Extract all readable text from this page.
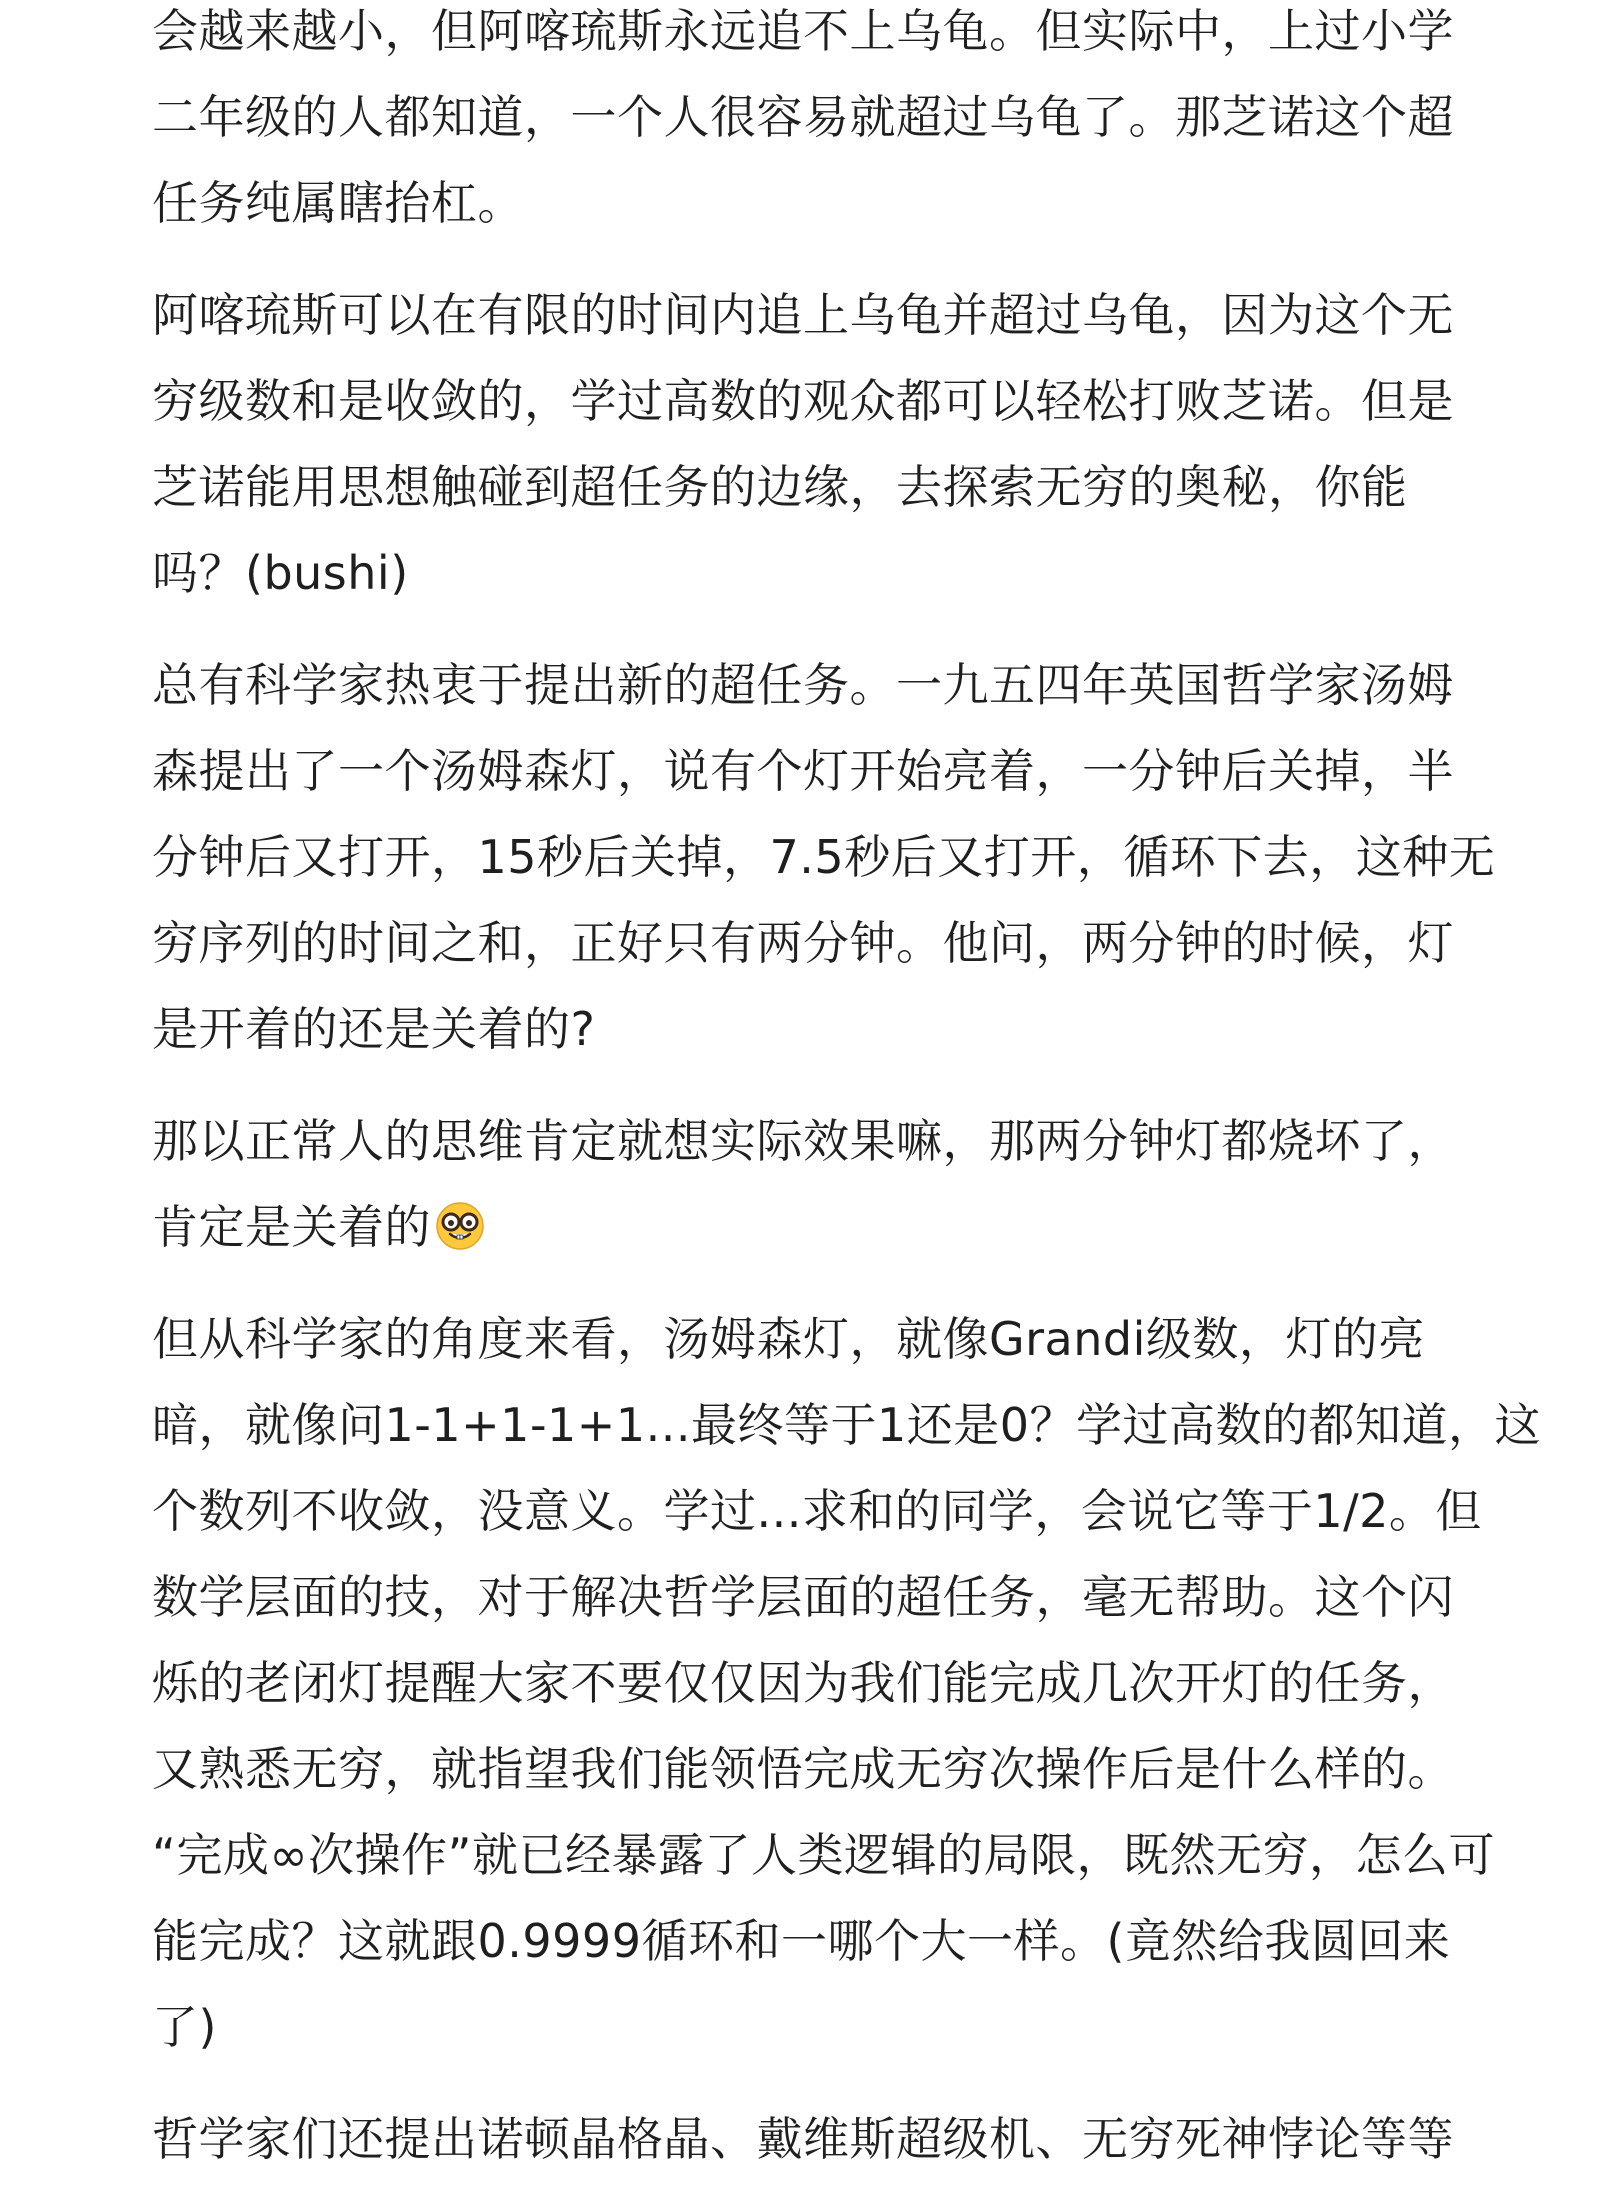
会越来越小，但阿喀琉斯永远追不上乌龟。但实际中，上过小学
二年级的人都知道，一个人很容易就超过乌龟了。那芝诺这个超
任务纯属瞎抬杠。

阿喀琉斯可以在有限的时间内追上乌龟并超过乌龟，因为这个无
穷级数和是收敛的，学过高数的观众都可以轻松打败芝诺。但是
芝诺能用思想触碰到超任务的边缘，去探索无穷的奥秘，你能
吗？(bushi)

总有科学家热衷于提出新的超任务。一九五四年英国哲学家汤姆
森提出了一个汤姆森灯，说有个灯开始亮着，一分钟后关掉，半
分钟后又打开，15秒后关掉，7.5秒后又打开，循环下去，这种无
穷序列的时间之和，正好只有两分钟。他问，两分钟的时候，灯
是开着的还是关着的?

那以正常人的思维肯定就想实际效果嘛，那两分钟灯都烧坏了，
肯定是关着的

但从科学家的角度来看，汤姆森灯，就像Grandi级数，灯的亮
暗，就像问1-1+1-1+1...最终等于1还是0？学过高数的都知道，这
个数列不收敛，没意义。学过...求和的同学，会说它等于1/2。但
数学层面的技，对于解决哲学层面的超任务，毫无帮助。这个闪
烁的老闭灯提醒大家不要仅仅因为我们能完成几次开灯的任务，
又熟悉无穷，就指望我们能领悟完成无穷次操作后是什么样的。
“完成∞次操作”就已经暴露了人类逻辑的局限，既然无穷，怎么可
能完成？这就跟0.9999循环和一哪个大一样。(竟然给我圆回来
了)

哲学家们还提出诺顿晶格晶、戴维斯超级机、无穷死神悖论等等
